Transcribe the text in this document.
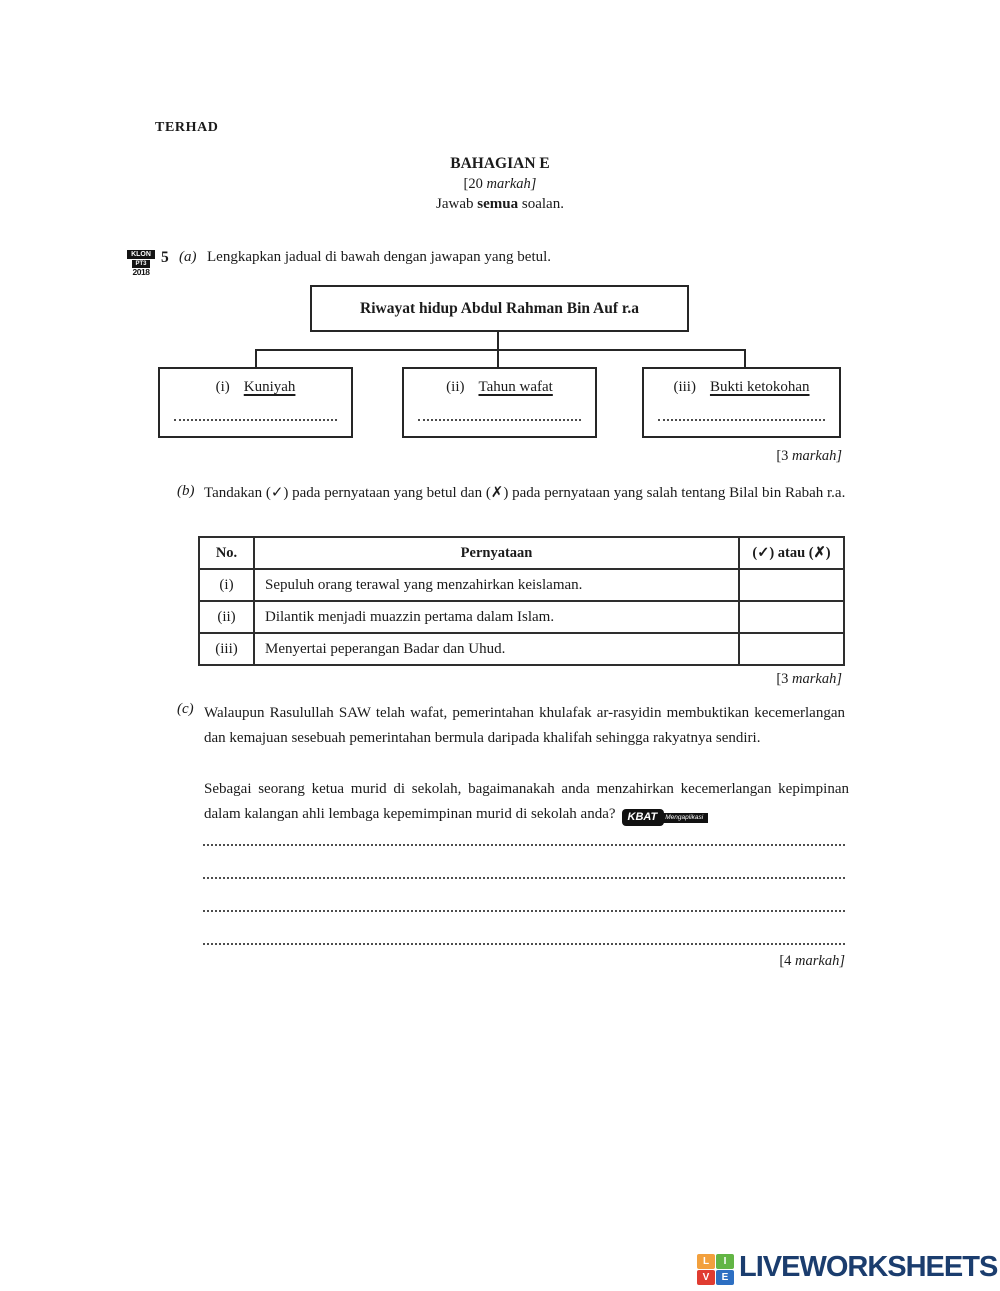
TERHAD
BAHAGIAN E
[20 markah]
Jawab semua soalan.
KLON
PT3
2018
5 (a) Lengkapkan jadual di bawah dengan jawapan yang betul.
Riwayat hidup Abdul Rahman Bin Auf r.a
(i) Kuniyah	(ii) Tahun wafat	(iii) Bukti ketokohan
[3 markah]
(b) Tandakan (✓) pada pernyataan yang betul dan (✗) pada pernyataan yang salah tentang Bilal bin Rabah r.a.
No.	Pernyataan	(✓) atau (✗)
(i)	Sepuluh orang terawal yang menzahirkan keislaman.	
(ii)	Dilantik menjadi muazzin pertama dalam Islam.	
(iii)	Menyertai peperangan Badar dan Uhud.	
[3 markah]
(c) Walaupun Rasulullah SAW telah wafat, pemerintahan khulafak ar-rasyidin membuktikan kecemerlangan dan kemajuan sesebuah pemerintahan bermula daripada khalifah sehingga rakyatnya sendiri.
Sebagai seorang ketua murid di sekolah, bagaimanakah anda menzahirkan kecemerlangan kepimpinan dalam kalangan ahli lembaga kepemimpinan murid di sekolah anda?	KBAT	Mengaplikasi
[4 markah]
L	I
V	E LIVEWORKSHEETS
